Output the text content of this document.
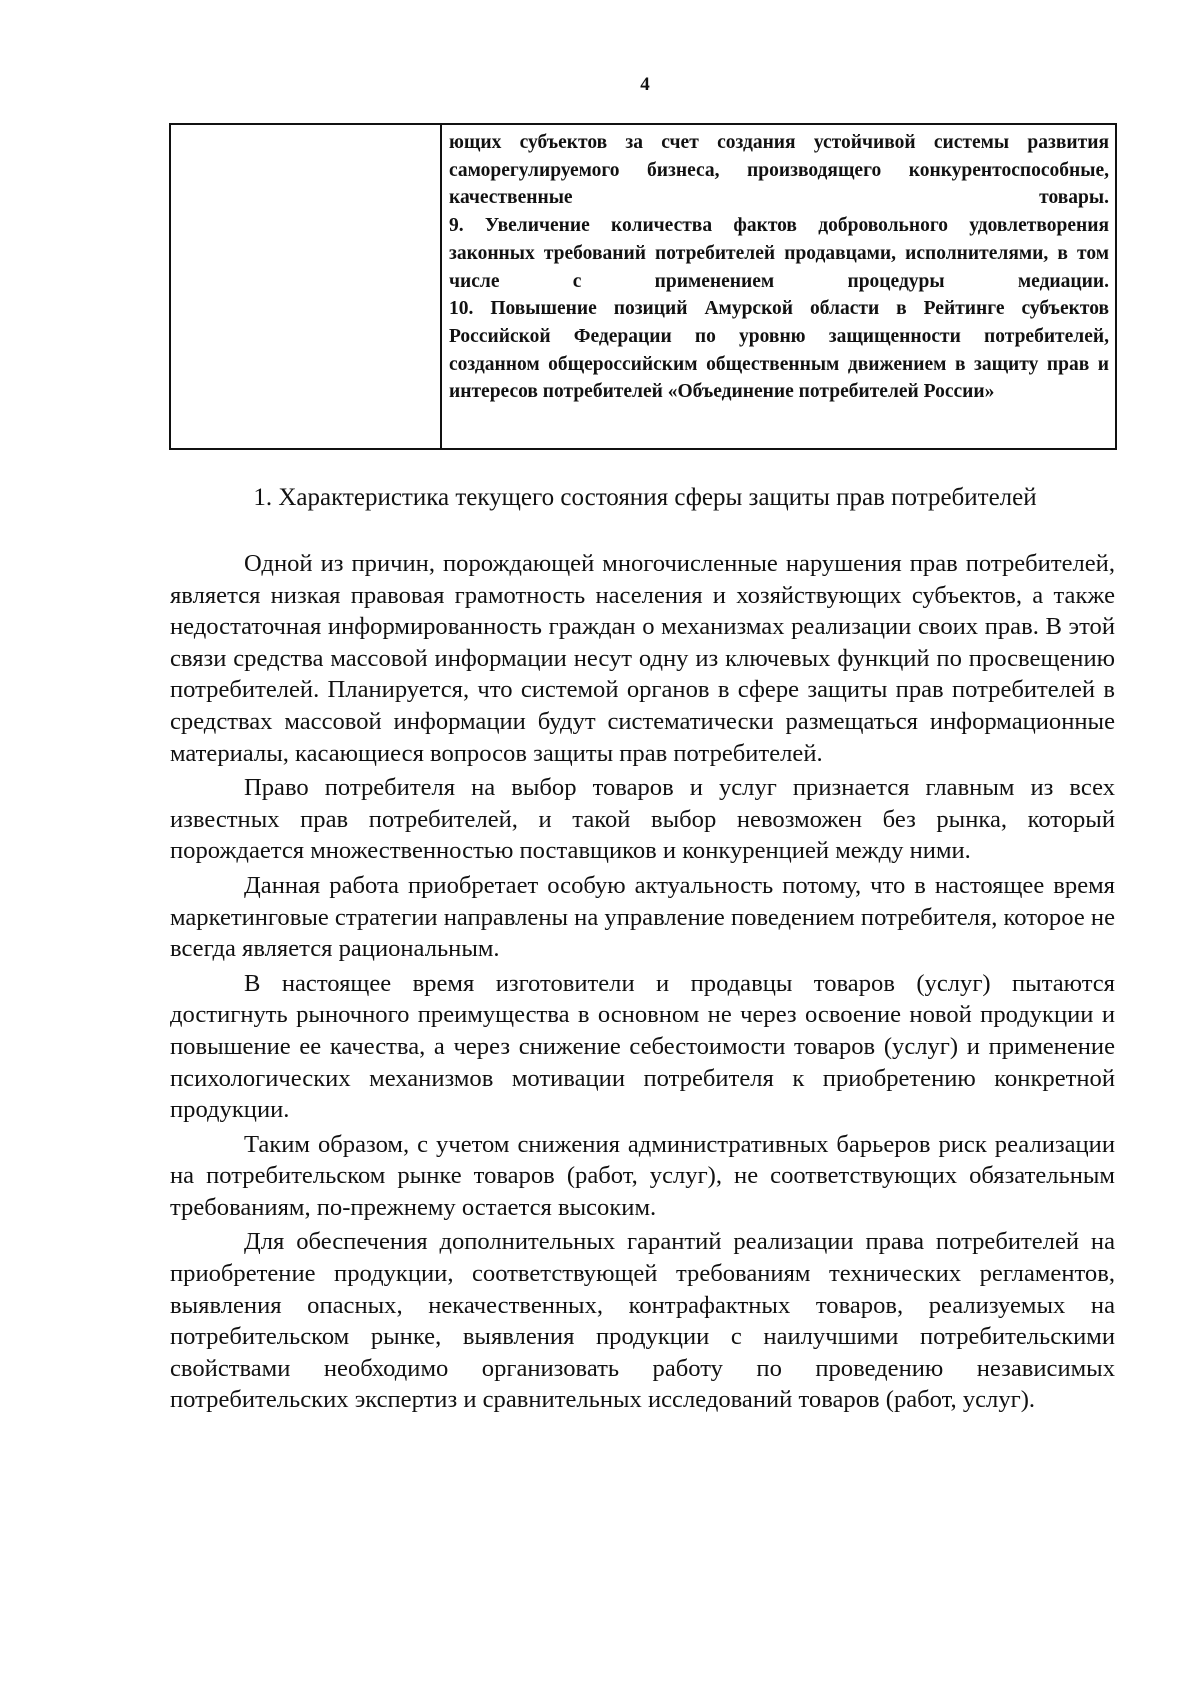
4

ющих субъектов за счет создания устойчивой системы развития саморегулируемого бизнеса, производящего конкурентоспособные, качественные товары.

9. Увеличение количества фактов добровольного удовлетворения законных требований потребителей продавцами, исполнителями, в том числе с применением процедуры медиации.

10. Повышение позиций Амурской области в Рейтинге субъектов Российской Федерации по уровню защищенности потребителей, созданном общероссийским общественным движением в защиту прав и интересов потребителей «Объединение потребителей России»

1. Характеристика текущего состояния сферы защиты прав потребителей

Одной из причин, порождающей многочисленные нарушения прав потребителей, является низкая правовая грамотность населения и хозяйствующих субъектов, а также недостаточная информированность граждан о механизмах реализации своих прав. В этой связи средства массовой информации несут одну из ключевых функций по просвещению потребителей. Планируется, что системой органов в сфере защиты прав потребителей в средствах массовой информации будут систематически размещаться информационные материалы, касающиеся вопросов защиты прав потребителей.

Право потребителя на выбор товаров и услуг признается главным из всех известных прав потребителей, и такой выбор невозможен без рынка, который порождается множественностью поставщиков и конкуренцией между ними.

Данная работа приобретает особую актуальность потому, что в настоящее время маркетинговые стратегии направлены на управление поведением потребителя, которое не всегда является рациональным.

В настоящее время изготовители и продавцы товаров (услуг) пытаются достигнуть рыночного преимущества в основном не через освоение новой продукции и повышение ее качества, а через снижение себестоимости товаров (услуг) и применение психологических механизмов мотивации потребителя к приобретению конкретной продукции.

Таким образом, с учетом снижения административных барьеров риск реализации на потребительском рынке товаров (работ, услуг), не соответствующих обязательным требованиям, по-прежнему остается высоким.

Для обеспечения дополнительных гарантий реализации права потребителей на приобретение продукции, соответствующей требованиям технических регламентов, выявления опасных, некачественных, контрафактных товаров, реализуемых на потребительском рынке, выявления продукции с наилучшими потребительскими свойствами необходимо организовать работу по проведению независимых потребительских экспертиз и сравнительных исследований товаров (работ, услуг).
